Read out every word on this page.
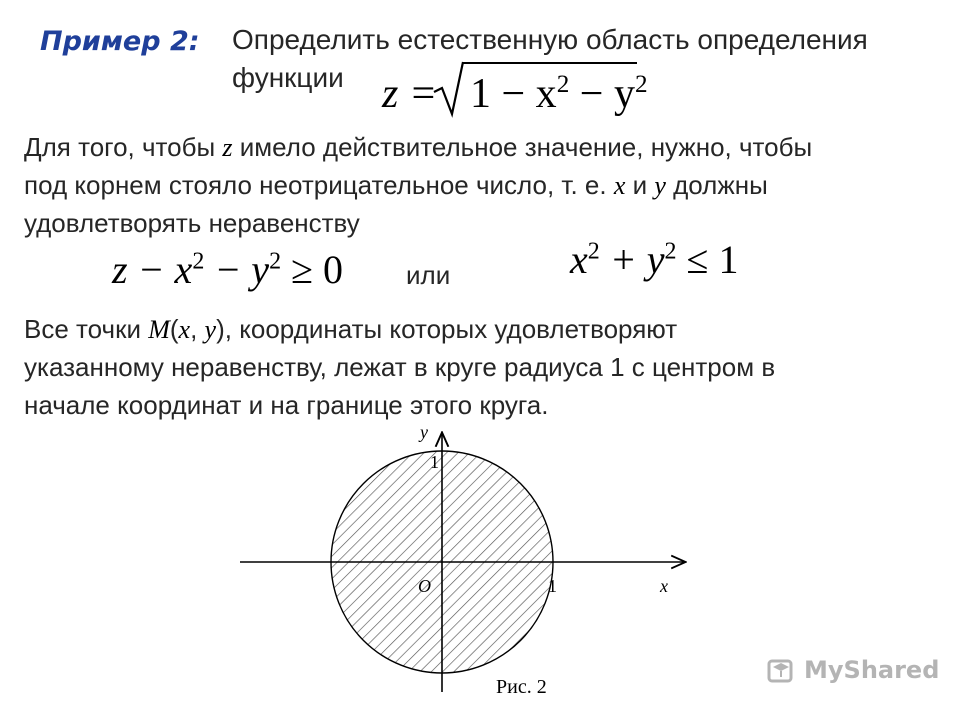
Пример 2: Определить естественную область определения
функции $z = 1 - x^2 - y^2$
Для того, чтобы z имело действительное значение, нужно, чтобы
под корнем стояло неотрицательное число, т. е. x и y должны
удовлетворять неравенству
$z - x^2 - y^2 \ge 0$ или	$x^2 + y^2 \le 1$
Все точки M(x, y), координаты которых удовлетворяют
указанному неравенству, лежат в круге радиуса 1 с центром в
начале координат и на границе этого круга.
y
1
O	1	x
Рис. 2
MyShared
